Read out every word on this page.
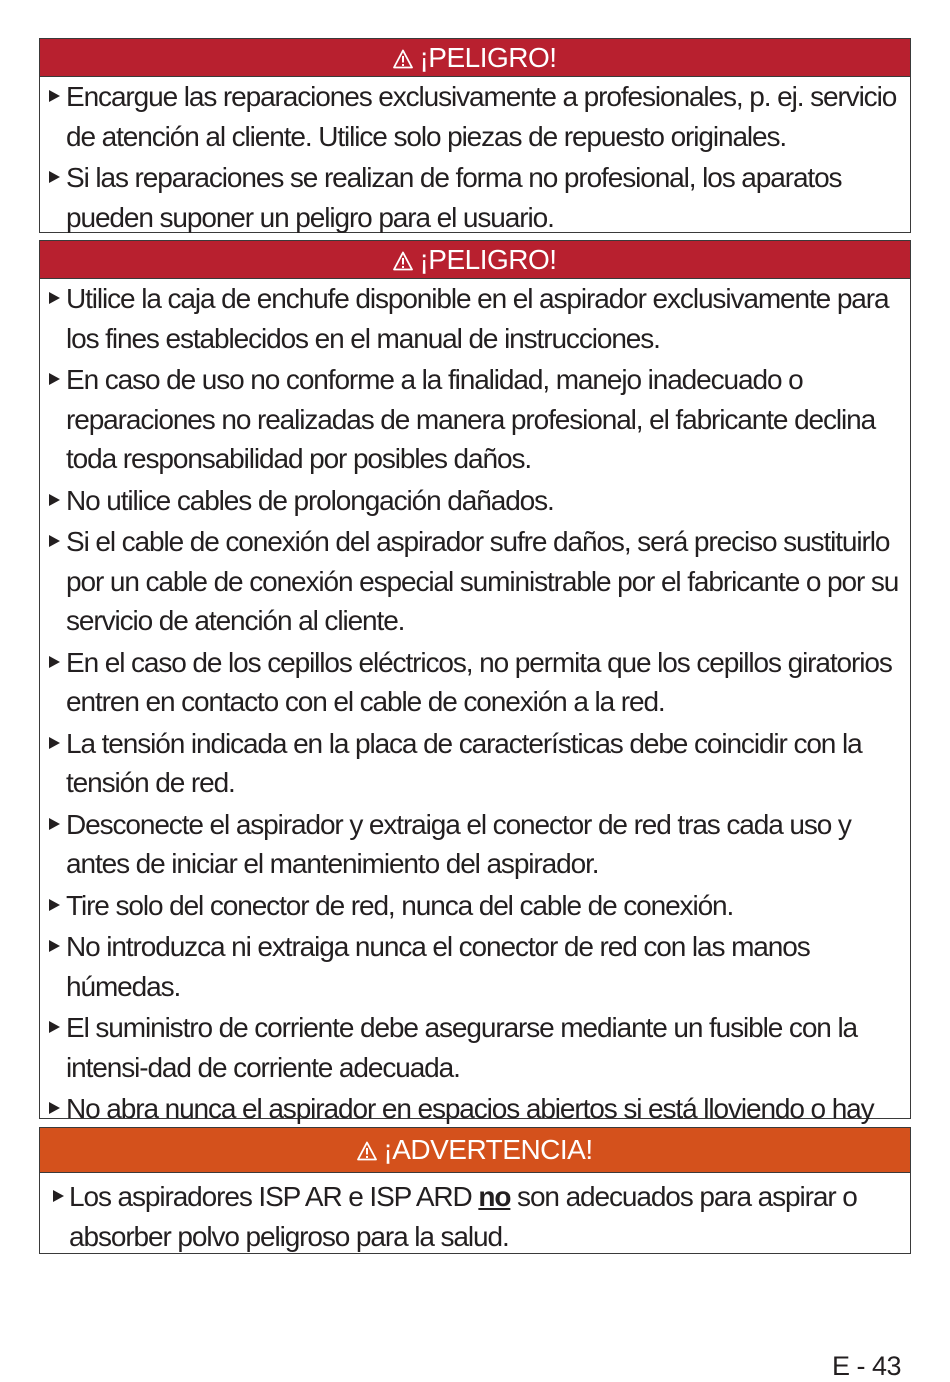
¡PELIGRO!
Encargue las reparaciones exclusivamente a profesionales, p. ej. servicio de atención al cliente. Utilice solo piezas de repuesto originales.
Si las reparaciones se realizan de forma no profesional, los aparatos pueden suponer un peligro para el usuario.
¡PELIGRO!
Utilice la caja de enchufe disponible en el aspirador exclusivamente para los fines establecidos en el manual de instrucciones.
En caso de uso no conforme a la finalidad, manejo inadecuado o reparaciones no realizadas de manera profesional, el fabricante declina toda responsabilidad por posibles daños.
No utilice cables de prolongación dañados.
Si el cable de conexión del aspirador sufre daños, será preciso sustituirlo por un cable de conexión especial suministrable por el fabricante o por su servicio de atención al cliente.
En el caso de los cepillos eléctricos, no permita que los cepillos giratorios entren en contacto con el cable de conexión a la red.
La tensión indicada en la placa de características debe coincidir con la tensión de red.
Desconecte el aspirador y extraiga el conector de red tras cada uso y antes de iniciar el mantenimiento del aspirador.
Tire solo del conector de red, nunca del cable de conexión.
No introduzca ni extraiga nunca el conector de red con las manos húmedas.
El suministro de corriente debe asegurarse mediante un fusible con la intensi-dad de corriente adecuada.
No abra nunca el aspirador en espacios abiertos si está lloviendo o hay
¡ADVERTENCIA!
Los aspiradores ISP AR e ISP ARD no son adecuados para aspirar o absorber polvo peligroso para la salud.
E - 43
